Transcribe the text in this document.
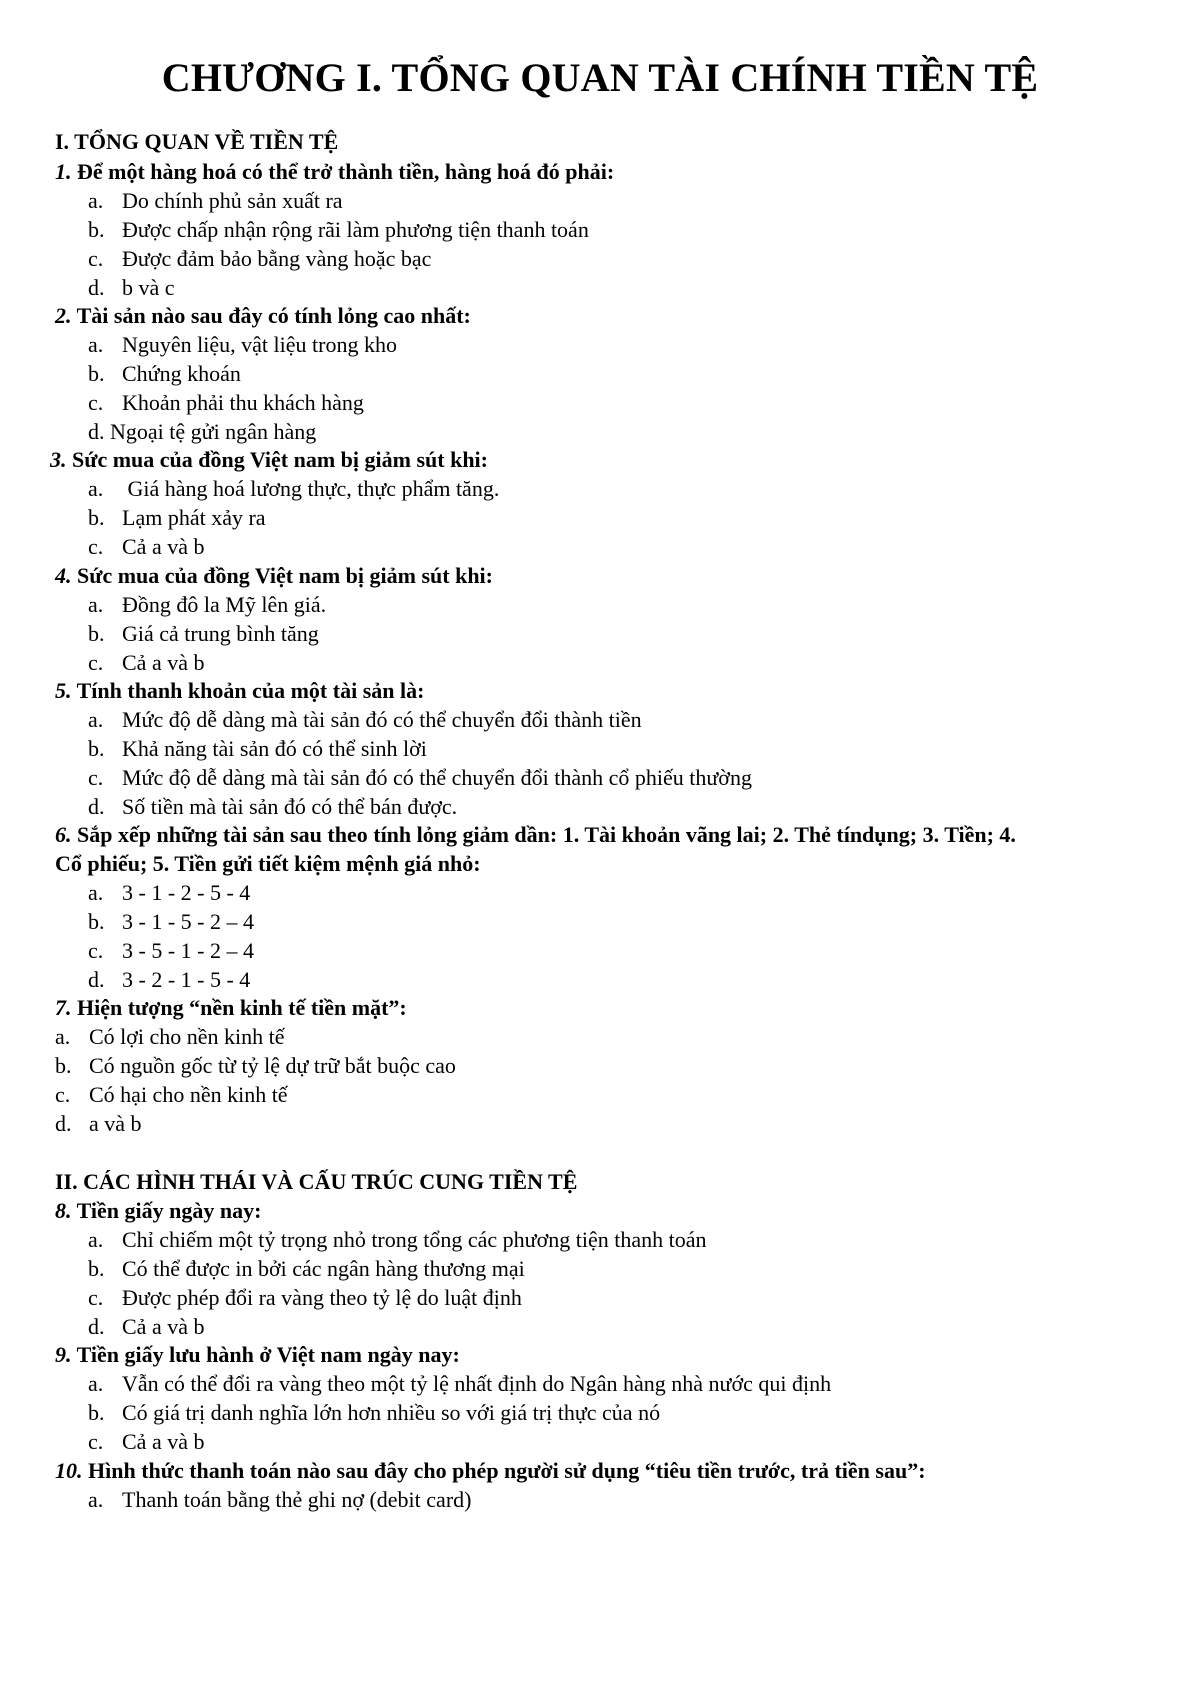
CHƯƠNG I. TỔNG QUAN TÀI CHÍNH TIỀN TỆ
I. TỔNG QUAN VỀ TIỀN TỆ
1. Để một hàng hoá có thể trở thành tiền, hàng hoá đó phải:
a. Do chính phủ sản xuất ra
b. Được chấp nhận rộng rãi làm phương tiện thanh toán
c. Được đảm bảo bằng vàng hoặc bạc
d. b và c
2. Tài sản nào sau đây có tính lỏng cao nhất:
a. Nguyên liệu, vật liệu trong kho
b. Chứng khoán
c. Khoản phải thu khách hàng
d. Ngoại tệ gửi ngân hàng
3. Sức mua của đồng Việt nam bị giảm sút khi:
a. Giá hàng hoá lương thực, thực phẩm tăng.
b. Lạm phát xảy ra
c. Cả a và b
4. Sức mua của đồng Việt nam bị giảm sút khi:
a. Đồng đô la Mỹ lên giá.
b. Giá cả trung bình tăng
c. Cả a và b
5. Tính thanh khoản của một tài sản là:
a. Mức độ dễ dàng mà tài sản đó có thể chuyển đổi thành tiền
b. Khả năng tài sản đó có thể sinh lời
c. Mức độ dễ dàng mà tài sản đó có thể chuyển đổi thành cổ phiếu thường
d. Số tiền mà tài sản đó có thể bán được.
6. Sắp xếp những tài sản sau theo tính lỏng giảm dần: 1. Tài khoản vãng lai; 2. Thẻ tíndụng; 3. Tiền; 4.
Cổ phiếu; 5. Tiền gửi tiết kiệm mệnh giá nhỏ:
a. 3 - 1 - 2 - 5 - 4
b. 3 - 1 - 5 - 2 – 4
c. 3 - 5 - 1 - 2 – 4
d. 3 - 2 - 1 - 5 - 4
7. Hiện tượng “nền kinh tế tiền mặt”:
a. Có lợi cho nền kinh tế
b. Có nguồn gốc từ tỷ lệ dự trữ bắt buộc cao
c. Có hại cho nền kinh tế
d. a và b
II. CÁC HÌNH THÁI VÀ CẤU TRÚC CUNG TIỀN TỆ
8. Tiền giấy ngày nay:
a. Chỉ chiếm một tỷ trọng nhỏ trong tổng các phương tiện thanh toán
b. Có thể được in bởi các ngân hàng thương mại
c. Được phép đổi ra vàng theo tỷ lệ do luật định
d. Cả a và b
9. Tiền giấy lưu hành ở Việt nam ngày nay:
a. Vẫn có thể đổi ra vàng theo một tỷ lệ nhất định do Ngân hàng nhà nước qui định
b. Có giá trị danh nghĩa lớn hơn nhiều so với giá trị thực của nó
c. Cả a và b
10. Hình thức thanh toán nào sau đây cho phép người sử dụng “tiêu tiền trước, trả tiền sau”:
a. Thanh toán bằng thẻ ghi nợ (debit card)
